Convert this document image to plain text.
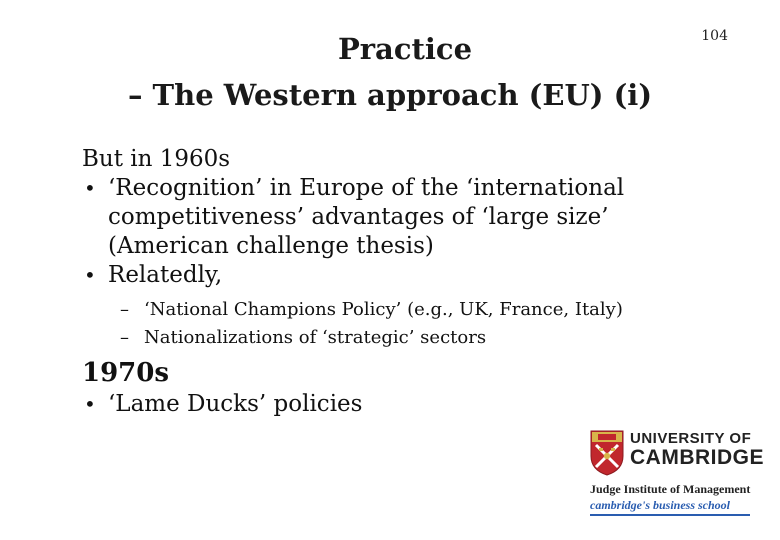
104
Practice
– The Western approach (EU) (i)
But in 1960s
• ‘Recognition’ in Europe of the ‘international competitiveness’ advantages of ‘large size’ (American challenge thesis)
• Relatedly,
– ‘National Champions Policy’ (e.g., UK, France, Italy)
– Nationalizations of ‘strategic’ sectors
1970s
• ‘Lame Ducks’ policies
UNIVERSITY OF
CAMBRIDGE
Judge Institute of Management
cambridge's business school
